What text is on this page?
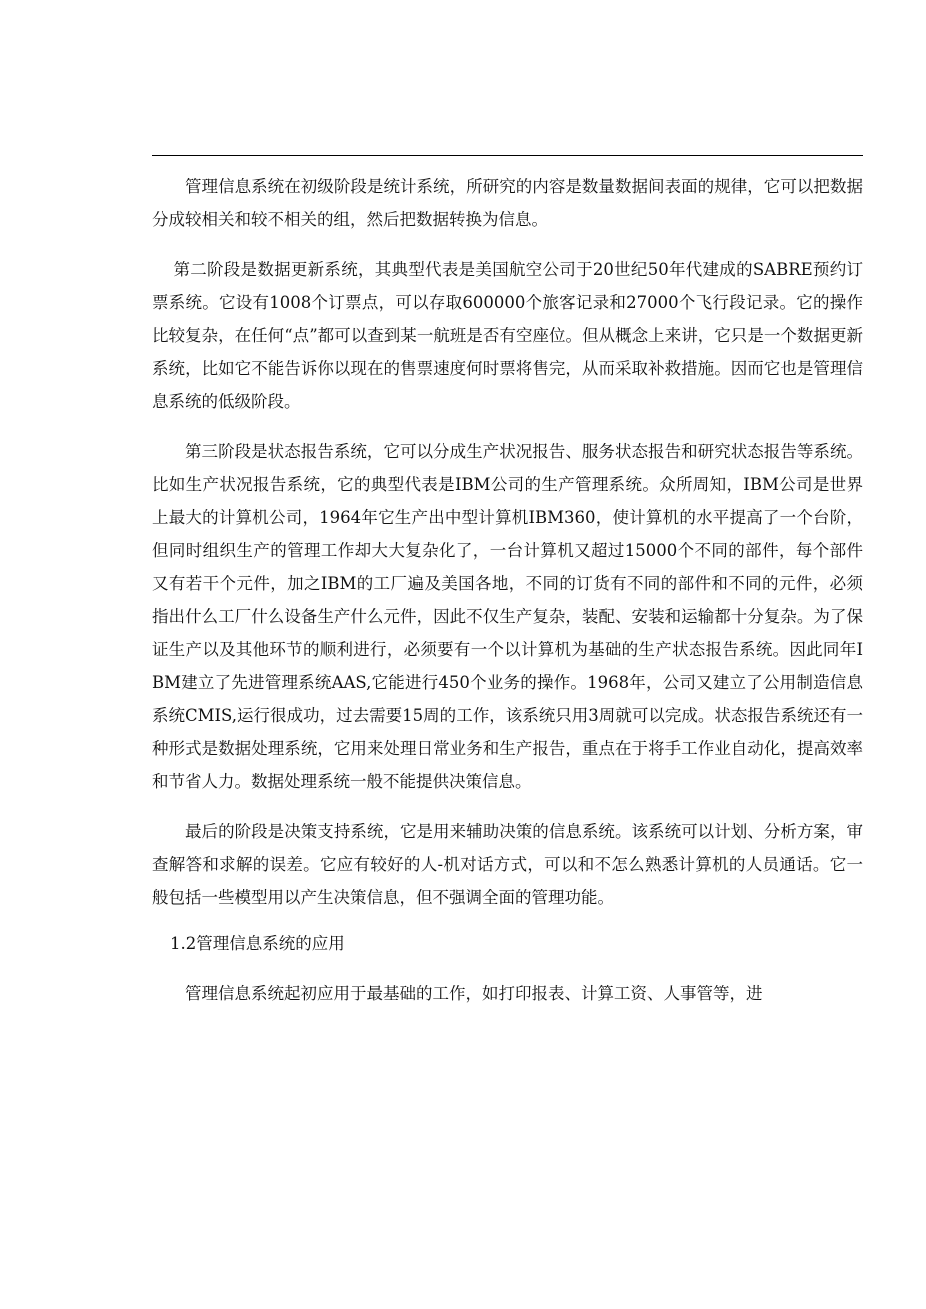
管理信息系统在初级阶段是统计系统，所研究的内容是数量数据间表面的规律，它可以把数据分成较相关和较不相关的组，然后把数据转换为信息。

第二阶段是数据更新系统，其典型代表是美国航空公司于20世纪50年代建成的SABRE预约订票系统。它设有1008个订票点，可以存取600000个旅客记录和27000个飞行段记录。它的操作比较复杂，在任何“点”都可以查到某一航班是否有空座位。但从概念上来讲，它只是一个数据更新系统，比如它不能告诉你以现在的售票速度何时票将售完，从而采取补救措施。因而它也是管理信息系统的低级阶段。

第三阶段是状态报告系统，它可以分成生产状况报告、服务状态报告和研究状态报告等系统。比如生产状况报告系统，它的典型代表是IBM公司的生产管理系统。众所周知，IBM公司是世界上最大的计算机公司，1964年它生产出中型计算机IBM360，使计算机的水平提高了一个台阶，但同时组织生产的管理工作却大大复杂化了，一台计算机又超过15000个不同的部件，每个部件又有若干个元件，加之IBM的工厂遍及美国各地，不同的订货有不同的部件和不同的元件，必须指出什么工厂什么设备生产什么元件，因此不仅生产复杂，装配、安装和运输都十分复杂。为了保证生产以及其他环节的顺利进行，必须要有一个以计算机为基础的生产状态报告系统。因此同年IBM建立了先进管理系统AAS,它能进行450个业务的操作。1968年，公司又建立了公用制造信息系统CMIS,运行很成功，过去需要15周的工作，该系统只用3周就可以完成。状态报告系统还有一种形式是数据处理系统，它用来处理日常业务和生产报告，重点在于将手工作业自动化，提高效率和节省人力。数据处理系统一般不能提供决策信息。

最后的阶段是决策支持系统，它是用来辅助决策的信息系统。该系统可以计划、分析方案，审查解答和求解的误差。它应有较好的人-机对话方式，可以和不怎么熟悉计算机的人员通话。它一般包括一些模型用以产生决策信息，但不强调全面的管理功能。

1.2管理信息系统的应用

管理信息系统起初应用于最基础的工作，如打印报表、计算工资、人事管等，进
